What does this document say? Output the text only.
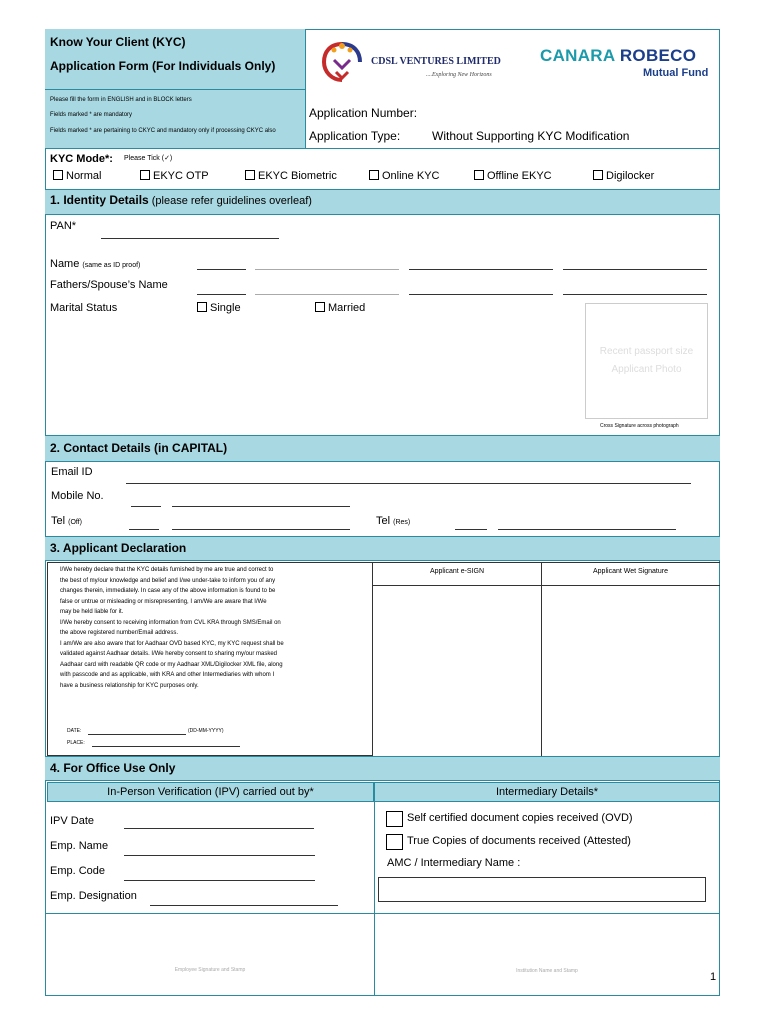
Know Your Client (KYC)
Application Form (For Individuals Only)
Please fill the form in ENGLISH and in BLOCK letters
Fields marked * are mandatory
Fields marked * are pertaining to CKYC and mandatory only if processing CKYC also
CDSL VENTURES LIMITED
....Exploring New Horizons
CANARA ROBECO
Mutual Fund
Application Number:
Application Type:	Without Supporting KYC Modification
KYC Mode*: Please Tick (✓)
Normal	EKYC OTP	EKYC Biometric	Online KYC	Offline EKYC	Digilocker
1. Identity Details (please refer guidelines overleaf)
PAN*
Name (same as ID proof)
Fathers/Spouse’s Name
Marital Status	Single	Married
Recent passport size
Applicant Photo
Cross Signature across photograph
2. Contact Details (in CAPITAL)
Email ID
Mobile No.
Tel (Off)	Tel (Res)
3. Applicant Declaration
I/We hereby declare that the KYC details furnished by me are true and correct to
the best of my/our knowledge and belief and I/we under-take to inform you of any
changes therein, immediately. In case any of the above information is found to be
false or untrue or misleading or misrepresenting, I am/We are aware that I/We
may be held liable for it.
I/We hereby consent to receiving information from CVL KRA through SMS/Email on
the above registered number/Email address.
I am/We are also aware that for Aadhaar OVD based KYC, my KYC request shall be
validated against Aadhaar details. I/We hereby consent to sharing my/our masked
Aadhaar card with readable QR code or my Aadhaar XML/Digilocker XML file, along
with passcode and as applicable, with KRA and other Intermediaries with whom I
have a business relationship for KYC purposes only.
DATE:	(DD-MM-YYYY)
PLACE:
Applicant e-SIGN	Applicant Wet Signature
4. For Office Use Only
In-Person Verification (IPV) carried out by*	Intermediary Details*
IPV Date
Emp. Name
Emp. Code
Emp. Designation
Self certified document copies received (OVD)
True Copies of documents received (Attested)
AMC / Intermediary Name :
Employee Signature and Stamp	Institution Name and Stamp	1
